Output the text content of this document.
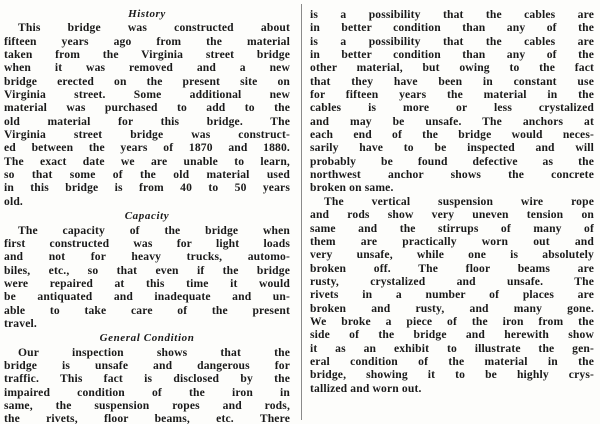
History
This bridge was constructed about
fifteen years ago from the material
taken from the Virginia street bridge
when it was removed and a new
bridge erected on the present site on
Virginia street. Some additional new
material was purchased to add to the
old material for this bridge. The
Virginia street bridge was construct-
ed between the years of 1870 and 1880.
The exact date we are unable to learn,
so that some of the old material used
in this bridge is from 40 to 50 years
old.
Capacity
The capacity of the bridge when
first constructed was for light loads
and not for heavy trucks, automo-
biles, etc., so that even if the bridge
were repaired at this time it would
be antiquated and inadequate and un-
able to take care of the present
travel.
General Condition
Our inspection shows that the
bridge is unsafe and dangerous for
traffic. This fact is disclosed by the
impaired condition of the iron in
same, the suspension ropes and rods,
the rivets, floor beams, etc. There
is a possibility that the cables are
in better condition than any of the
is a possibility that the cables are
in better condition than any of the
other material, but owing to the fact
that they have been in constant use
for fifteen years the material in the
cables is more or less crystalized
and may be unsafe. The anchors at
each end of the bridge would neces-
sarily have to be inspected and will
probably be found defective as the
northwest anchor shows the concrete
broken on same.
The vertical suspension wire rope
and rods show very uneven tension on
same and the stirrups of many of
them are practically worn out and
very unsafe, while one is absolutely
broken off. The floor beams are
rusty, crystalized and unsafe. The
rivets in a number of places are
broken and rusty, and many gone.
We broke a piece of the iron from the
side of the bridge and herewith show
it as an exhibit to illustrate the gen-
eral condition of the material in the
bridge, showing it to be highly crys-
tallized and worn out.
